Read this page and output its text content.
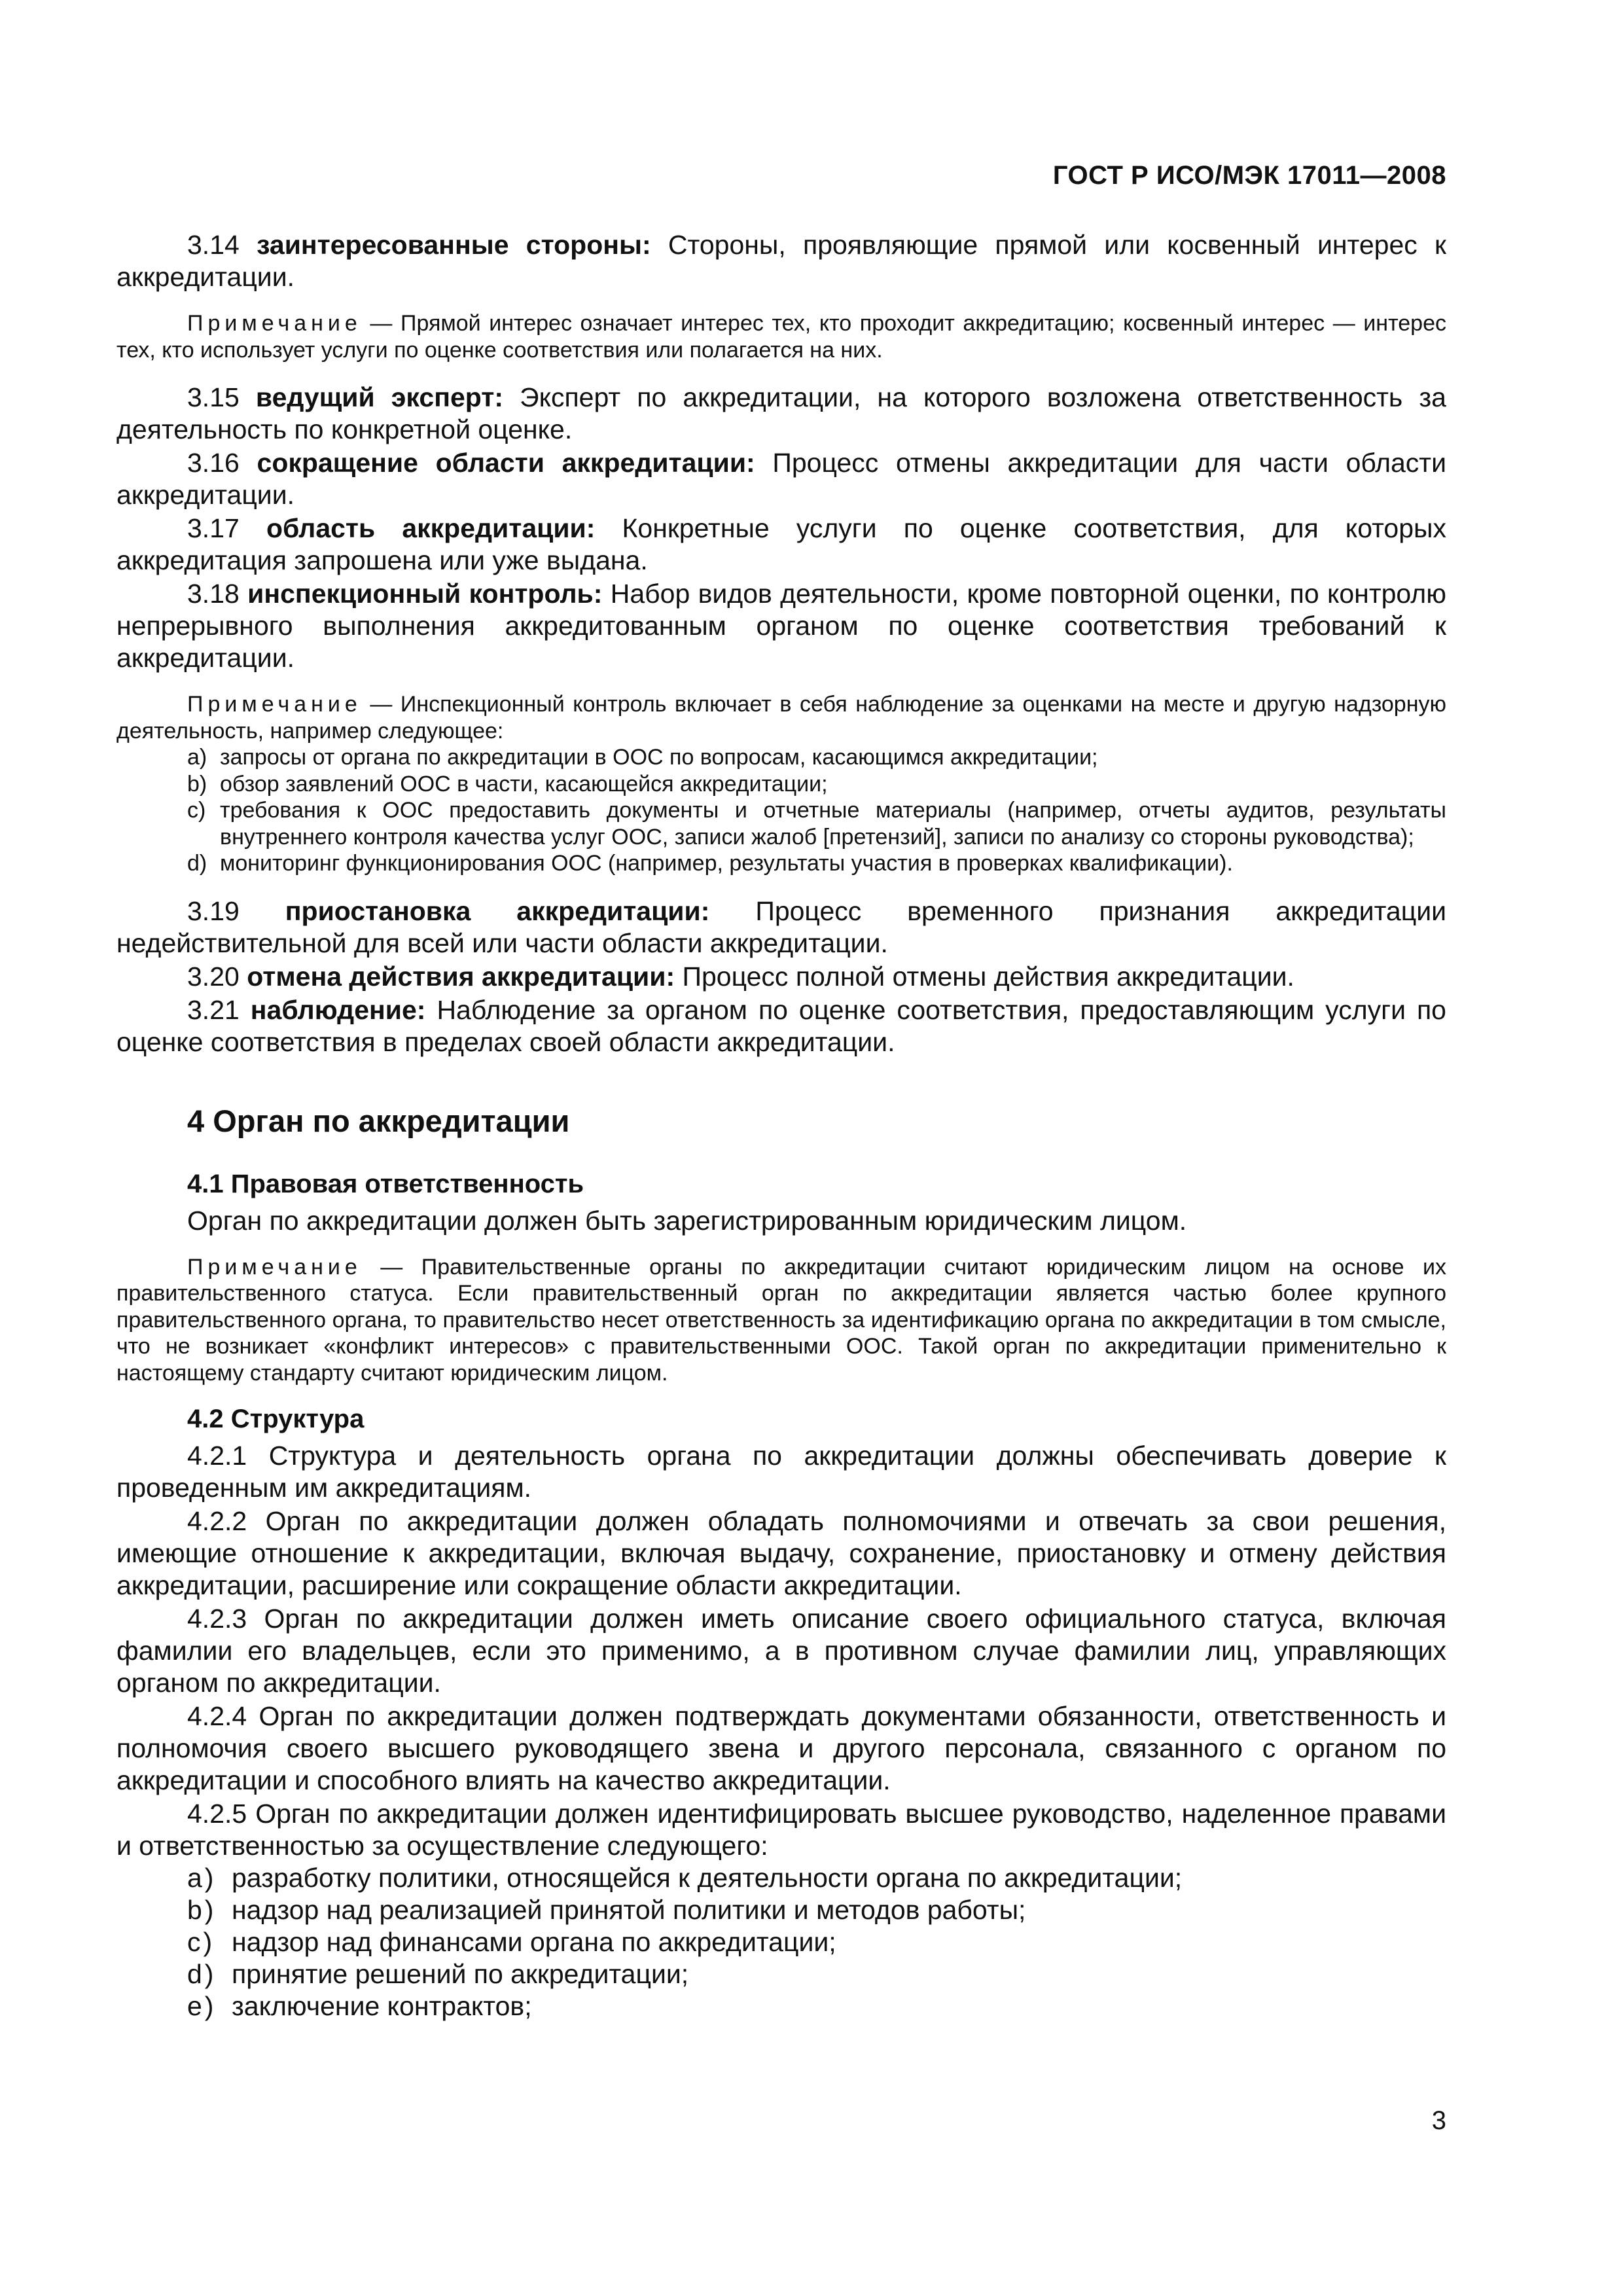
ГОСТ Р ИСО/МЭК 17011—2008

3.14 заинтересованные стороны: Стороны, проявляющие прямой или косвенный интерес к аккредитации.

Примечание — Прямой интерес означает интерес тех, кто проходит аккредитацию; косвенный интерес — интерес тех, кто использует услуги по оценке соответствия или полагается на них.

3.15 ведущий эксперт: Эксперт по аккредитации, на которого возложена ответственность за деятельность по конкретной оценке.

3.16 сокращение области аккредитации: Процесс отмены аккредитации для части области аккредитации.

3.17 область аккредитации: Конкретные услуги по оценке соответствия, для которых аккредитация запрошена или уже выдана.

3.18 инспекционный контроль: Набор видов деятельности, кроме повторной оценки, по контролю непрерывного выполнения аккредитованным органом по оценке соответствия требований к аккредитации.

Примечание — Инспекционный контроль включает в себя наблюдение за оценками на месте и другую надзорную деятельность, например следующее:

a) запросы от органа по аккредитации в ООС по вопросам, касающимся аккредитации;
b) обзор заявлений ООС в части, касающейся аккредитации;
c) требования к ООС предоставить документы и отчетные материалы (например, отчеты аудитов, результаты внутреннего контроля качества услуг ООС, записи жалоб [претензий], записи по анализу со стороны руководства);
d) мониторинг функционирования ООС (например, результаты участия в проверках квалификации).

3.19 приостановка аккредитации: Процесс временного признания аккредитации недействительной для всей или части области аккредитации.

3.20 отмена действия аккредитации: Процесс полной отмены действия аккредитации.

3.21 наблюдение: Наблюдение за органом по оценке соответствия, предоставляющим услуги по оценке соответствия в пределах своей области аккредитации.

4 Орган по аккредитации
4.1 Правовая ответственность

Орган по аккредитации должен быть зарегистрированным юридическим лицом.

Примечание — Правительственные органы по аккредитации считают юридическим лицом на основе их правительственного статуса. Если правительственный орган по аккредитации является частью более крупного правительственного органа, то правительство несет ответственность за идентификацию органа по аккредитации в том смысле, что не возникает «конфликт интересов» с правительственными ООС. Такой орган по аккредитации применительно к настоящему стандарту считают юридическим лицом.

4.2 Структура

4.2.1 Структура и деятельность органа по аккредитации должны обеспечивать доверие к проведенным им аккредитациям.

4.2.2 Орган по аккредитации должен обладать полномочиями и отвечать за свои решения, имеющие отношение к аккредитации, включая выдачу, сохранение, приостановку и отмену действия аккредитации, расширение или сокращение области аккредитации.

4.2.3 Орган по аккредитации должен иметь описание своего официального статуса, включая фамилии его владельцев, если это применимо, а в противном случае фамилии лиц, управляющих органом по аккредитации.

4.2.4 Орган по аккредитации должен подтверждать документами обязанности, ответственность и полномочия своего высшего руководящего звена и другого персонала, связанного с органом по аккредитации и способного влиять на качество аккредитации.

4.2.5 Орган по аккредитации должен идентифицировать высшее руководство, наделенное правами и ответственностью за осуществление следующего:

a) разработку политики, относящейся к деятельности органа по аккредитации;
b) надзор над реализацией принятой политики и методов работы;
c) надзор над финансами органа по аккредитации;
d) принятие решений по аккредитации;
e) заключение контрактов;
3
